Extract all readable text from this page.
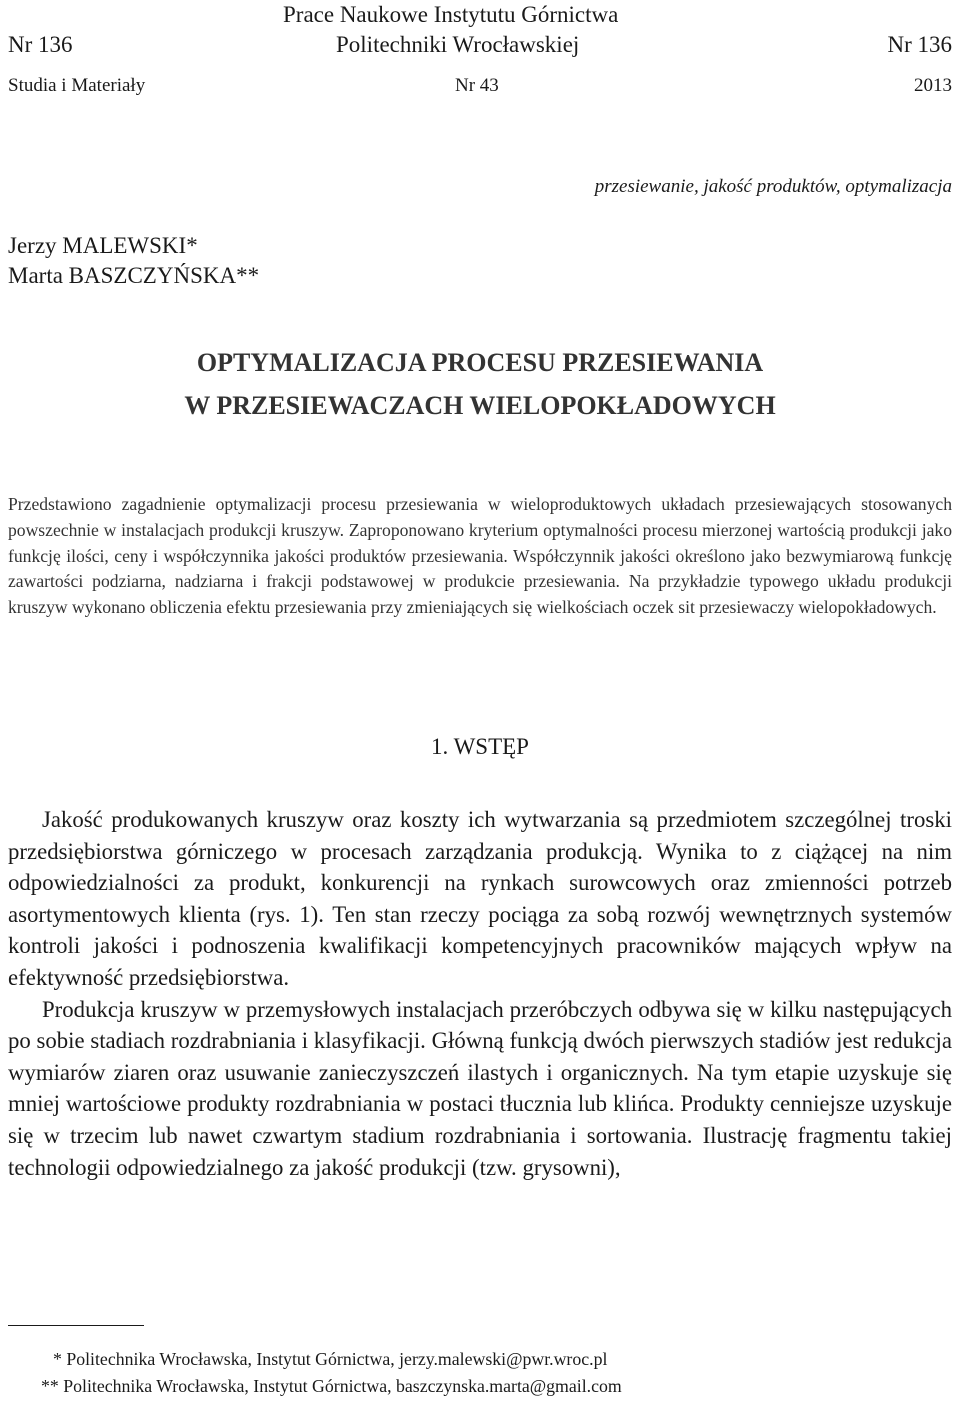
Prace Naukowe Instytutu Górnictwa
Nr 136	Politechniki Wrocławskiej	Nr 136
Studia i Materiały	Nr 43	2013
przesiewanie, jakość produktów, optymalizacja
Jerzy MALEWSKI*
Marta BASZCZYŃSKA**
OPTYMALIZACJA PROCESU PRZESIEWANIA
W PRZESIEWACZACH WIELOPOKŁADOWYCH
Przedstawiono zagadnienie optymalizacji procesu przesiewania w wieloproduktowych układach przesiewających stosowanych powszechnie w instalacjach produkcji kruszyw. Zaproponowano kryterium optymalności procesu mierzonej wartością produkcji jako funkcję ilości, ceny i współczynnika jakości produktów przesiewania. Współczynnik jakości określono jako bezwymiarową funkcję zawartości podziarna, nadziarna i frakcji podstawowej w produkcie przesiewania. Na przykładzie typowego układu produkcji kruszyw wykonano obliczenia efektu przesiewania przy zmieniających się wielkościach oczek sit przesiewaczy wielopokładowych.
1. WSTĘP

Jakość produkowanych kruszyw oraz koszty ich wytwarzania są przedmiotem szczególnej troski przedsiębiorstwa górniczego w procesach zarządzania produkcją. Wynika to z ciążącej na nim odpowiedzialności za produkt, konkurencji na rynkach surowcowych oraz zmienności potrzeb asortymentowych klienta (rys. 1). Ten stan rzeczy pociąga za sobą rozwój wewnętrznych systemów kontroli jakości i podnoszenia kwalifikacji kompetencyjnych pracowników mających wpływ na efektywność przedsiębiorstwa.

Produkcja kruszyw w przemysłowych instalacjach przeróbczych odbywa się w kilku następujących po sobie stadiach rozdrabniania i klasyfikacji. Główną funkcją dwóch pierwszych stadiów jest redukcja wymiarów ziaren oraz usuwanie zanieczyszczeń ilastych i organicznych. Na tym etapie uzyskuje się mniej wartościowe produkty rozdrabniania w postaci tłucznia lub klińca. Produkty cenniejsze uzyskuje się w trzecim lub nawet czwartym stadium rozdrabniania i sortowania. Ilustrację fragmentu takiej technologii odpowiedzialnego za jakość produkcji (tzw. grysowni),

* Politechnika Wrocławska, Instytut Górnictwa, jerzy.malewski@pwr.wroc.pl
** Politechnika Wrocławska, Instytut Górnictwa, baszczynska.marta@gmail.com
